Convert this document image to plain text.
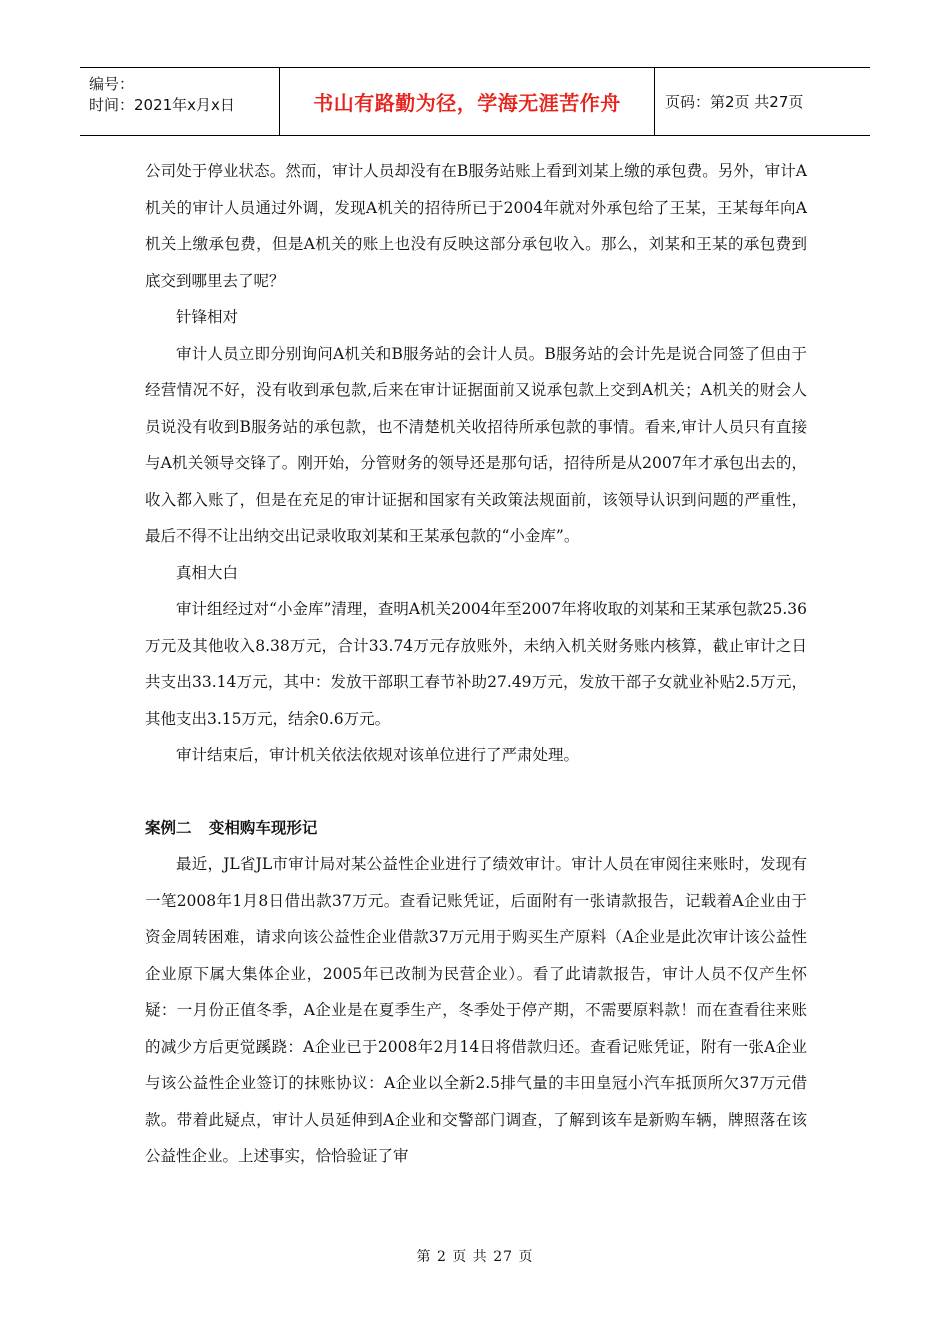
编号：
时间：2021年x月x日	书山有路勤为径，学海无涯苦作舟	页码：第2页 共27页

公司处于停业状态。然而，审计人员却没有在B服务站账上看到刘某上缴的承包费。另外，审计A机关的审计人员通过外调，发现A机关的招待所已于2004年就对外承包给了王某，王某每年向A机关上缴承包费，但是A机关的账上也没有反映这部分承包收入。那么，刘某和王某的承包费到底交到哪里去了呢？

针锋相对

审计人员立即分别询问A机关和B服务站的会计人员。B服务站的会计先是说合同签了但由于经营情况不好，没有收到承包款,后来在审计证据面前又说承包款上交到A机关；A机关的财会人员说没有收到B服务站的承包款，也不清楚机关收招待所承包款的事情。看来,审计人员只有直接与A机关领导交锋了。刚开始，分管财务的领导还是那句话，招待所是从2007年才承包出去的，收入都入账了，但是在充足的审计证据和国家有关政策法规面前，该领导认识到问题的严重性，最后不得不让出纳交出记录收取刘某和王某承包款的“小金库”。

真相大白

审计组经过对“小金库”清理，查明A机关2004年至2007年将收取的刘某和王某承包款25.36万元及其他收入8.38万元，合计33.74万元存放账外，未纳入机关财务账内核算，截止审计之日共支出33.14万元，其中：发放干部职工春节补助27.49万元，发放干部子女就业补贴2.5万元，其他支出3.15万元，结余0.6万元。

审计结束后，审计机关依法依规对该单位进行了严肃处理。

案例二 变相购车现形记

最近，JL省JL市审计局对某公益性企业进行了绩效审计。审计人员在审阅往来账时，发现有一笔2008年1月8日借出款37万元。查看记账凭证，后面附有一张请款报告，记载着A企业由于资金周转困难，请求向该公益性企业借款37万元用于购买生产原料（A企业是此次审计该公益性企业原下属大集体企业，2005年已改制为民营企业）。看了此请款报告，审计人员不仅产生怀疑：一月份正值冬季，A企业是在夏季生产，冬季处于停产期，不需要原料款！而在查看往来账的减少方后更觉蹊跷：A企业已于2008年2月14日将借款归还。查看记账凭证，附有一张A企业与该公益性企业签订的抹账协议：A企业以全新2.5排气量的丰田皇冠小汽车抵顶所欠37万元借款。带着此疑点，审计人员延伸到A企业和交警部门调查，了解到该车是新购车辆，牌照落在该公益性企业。上述事实，恰恰验证了审

第 2 页 共 27 页
